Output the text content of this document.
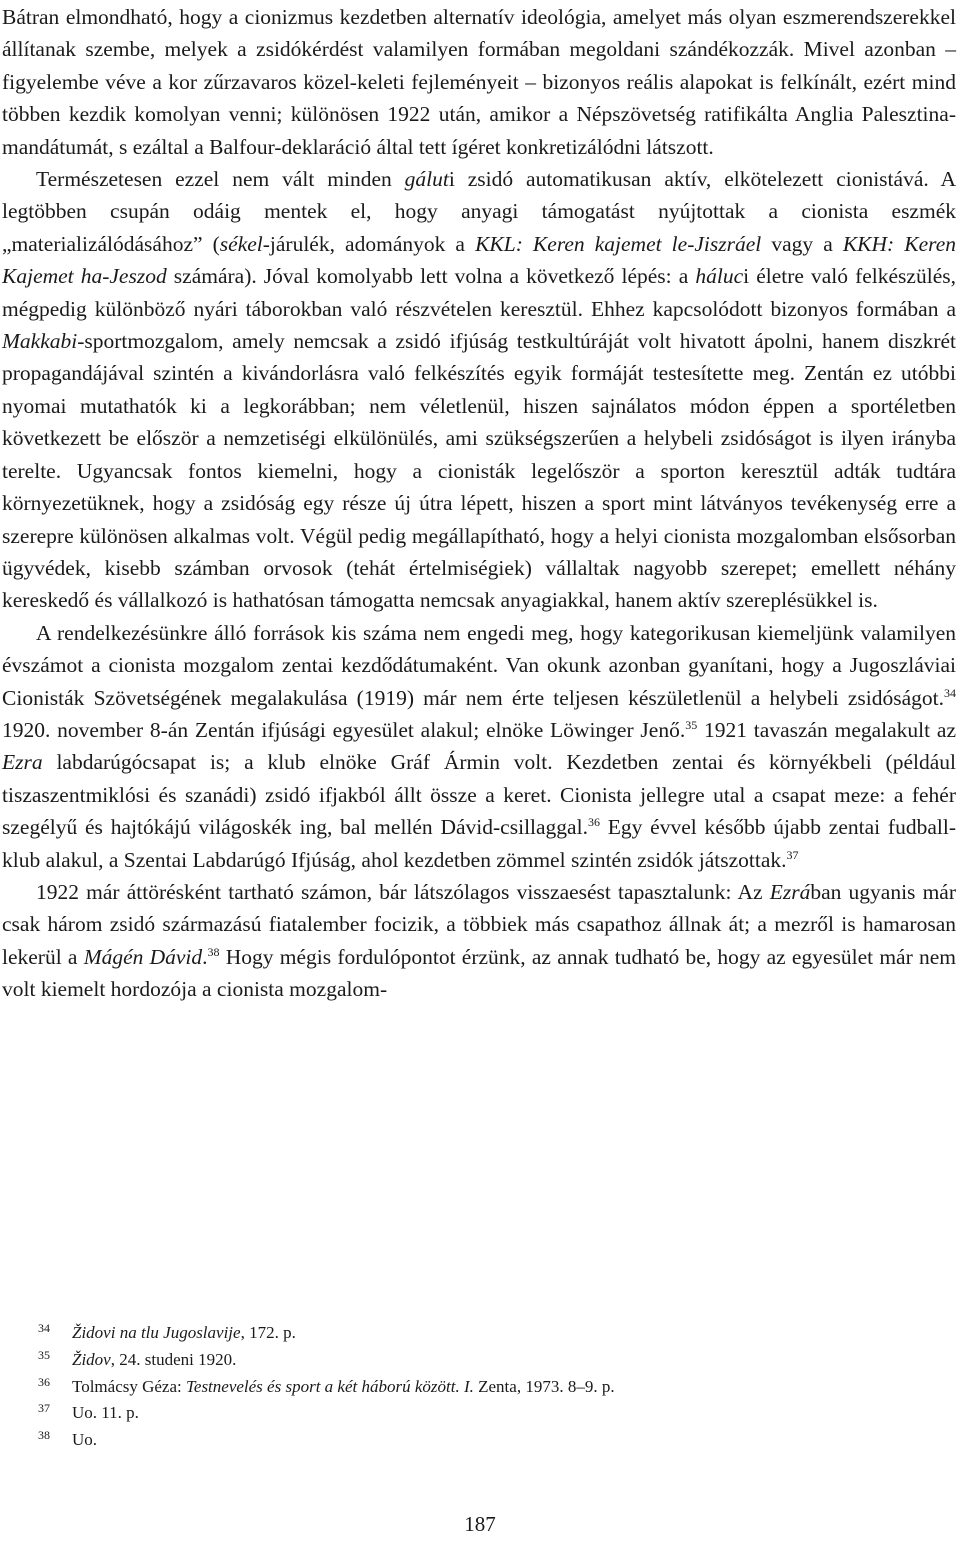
Bátran elmondható, hogy a cionizmus kezdetben alternatív ideológia, amelyet más olyan eszmerendszerekkel állítanak szembe, melyek a zsidókérdést valamilyen formában megoldani szándékozzák. Mivel azonban – figyelembe véve a kor zűrzavaros közel-keleti fejleményeit – bizonyos reális alapokat is felkínált, ezért mind többen kezdik komolyan venni; különösen 1922 után, amikor a Népszövetség ratifikálta Anglia Palesztina-mandátumát, s ezáltal a Balfour-deklaráció által tett ígéret konkretizálódni látszott.

Természetesen ezzel nem vált minden gáluti zsidó automatikusan aktív, elkötelezett cionistává. A legtöbben csupán odáig mentek el, hogy anyagi támogatást nyújtottak a cionista eszmék „materializálódásához” (sékel-járulék, adományok a KKL: Keren kajemet le-Jiszráel vagy a KKH: Keren Kajemet ha-Jeszod számára). Jóval komolyabb lett volna a következő lépés: a háluci életre való felkészülés, mégpedig különböző nyári táborokban való részvételen keresztül. Ehhez kapcsolódott bizonyos formában a Makkabi-sportmozgalom, amely nemcsak a zsidó ifjúság testkultúráját volt hivatott ápolni, hanem diszkrét propagandájával szintén a kivándorlásra való felkészítés egyik formáját testesítette meg. Zentán ez utóbbi nyomai mutathatók ki a legkorábban; nem véletlenül, hiszen sajnálatos módon éppen a sportéletben következett be először a nemzetiségi elkülönülés, ami szükségszerűen a helybeli zsidóságot is ilyen irányba terelte. Ugyancsak fontos kiemelni, hogy a cionisták legelőször a sporton keresztül adták tudtára környezetüknek, hogy a zsidóság egy része új útra lépett, hiszen a sport mint látványos tevékenység erre a szerepre különösen alkalmas volt. Végül pedig megállapítható, hogy a helyi cionista mozgalomban elsősorban ügyvédek, kisebb számban orvosok (tehát értelmiségiek) vállaltak nagyobb szerepet; emellett néhány kereskedő és vállalkozó is hathatósan támogatta nemcsak anyagiakkal, hanem aktív szereplésükkel is.

A rendelkezésünkre álló források kis száma nem engedi meg, hogy kategorikusan kiemeljünk valamilyen évszámot a cionista mozgalom zentai kezdődátumaként. Van okunk azonban gyanítani, hogy a Jugoszláviai Cionisták Szövetségének megalakulása (1919) már nem érte teljesen készületlenül a helybeli zsidóságot.$^{34}$ 1920. november 8-án Zentán ifjúsági egyesület alakul; elnöke Löwinger Jenő.$^{35}$ 1921 tavaszán megalakult az Ezra labdarúgócsapat is; a klub elnöke Gráf Ármin volt. Kezdetben zentai és környékbeli (például tiszaszentmiklósi és szanádi) zsidó ifjakból állt össze a keret. Cionista jellegre utal a csapat meze: a fehér szegélyű és hajtókájú világoskék ing, bal mellén Dávid-csillaggal.$^{36}$ Egy évvel később újabb zentai fudball-klub alakul, a Szentai Labdarúgó Ifjúság, ahol kezdetben zömmel szintén zsidók játszottak.$^{37}$

1922 már áttörésként tartható számon, bár látszólagos visszaesést tapasztalunk: Az Ezrában ugyanis már csak három zsidó származású fiatalember focizik, a többiek más csapathoz állnak át; a mezről is hamarosan lekerül a Mágén Dávid.$^{38}$ Hogy mégis fordulópontot érzünk, az annak tudható be, hogy az egyesület már nem volt kiemelt hordozója a cionista mozgalom-

34	Židovi na tlu Jugoslavije, 172. p.
35	Židov, 24. studeni 1920.
36	Tolmácsy Géza: Testnevelés és sport a két háború között. I. Zenta, 1973. 8–9. p.
37	Uo. 11. p.
38	Uo.
187
